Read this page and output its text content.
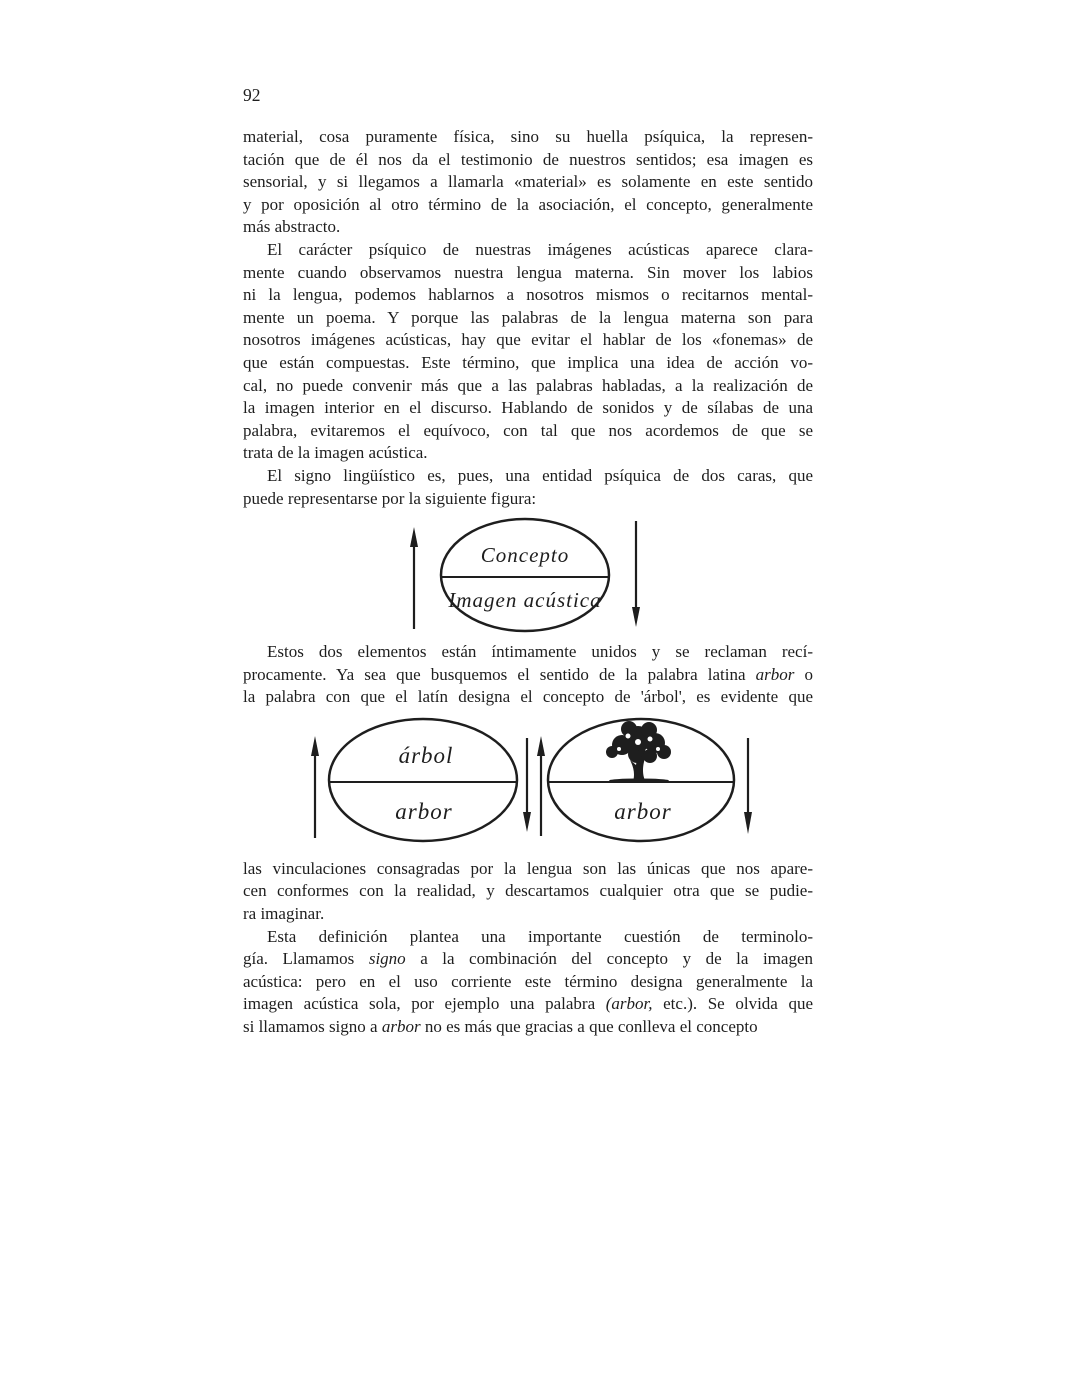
92
material, cosa puramente física, sino su huella psíquica, la represen-
tación que de él nos da el testimonio de nuestros sentidos; esa imagen es
sensorial, y si llegamos a llamarla «material» es solamente en este sentido
y por oposición al otro término de la asociación, el concepto, generalmente
más abstracto.
El carácter psíquico de nuestras imágenes acústicas aparece clara-
mente cuando observamos nuestra lengua materna. Sin mover los labios
ni la lengua, podemos hablarnos a nosotros mismos o recitarnos mental-
mente un poema. Y porque las palabras de la lengua materna son para
nosotros imágenes acústicas, hay que evitar el hablar de los «fonemas» de
que están compuestas. Este término, que implica una idea de acción vo-
cal, no puede convenir más que a las palabras habladas, a la realización de
la imagen interior en el discurso. Hablando de sonidos y de sílabas de una
palabra, evitaremos el equívoco, con tal que nos acordemos de que se
trata de la imagen acústica.
El signo lingüístico es, pues, una entidad psíquica de dos caras, que
puede representarse por la siguiente figura:
Concepto
Imagen acústica
Estos dos elementos están íntimamente unidos y se reclaman recí-
procamente. Ya sea que busquemos el sentido de la palabra latina arbor o
la palabra con que el latín designa el concepto de 'árbol', es evidente que
árbol
arbor	arbor
las vinculaciones consagradas por la lengua son las únicas que nos apare-
cen conformes con la realidad, y descartamos cualquier otra que se pudie-
ra imaginar.
Esta definición plantea una importante cuestión de terminolo-
gía. Llamamos signo a la combinación del concepto y de la imagen
acústica: pero en el uso corriente este término designa generalmente la
imagen acústica sola, por ejemplo una palabra (arbor, etc.). Se olvida que
si llamamos signo a arbor no es más que gracias a que conlleva el concepto
